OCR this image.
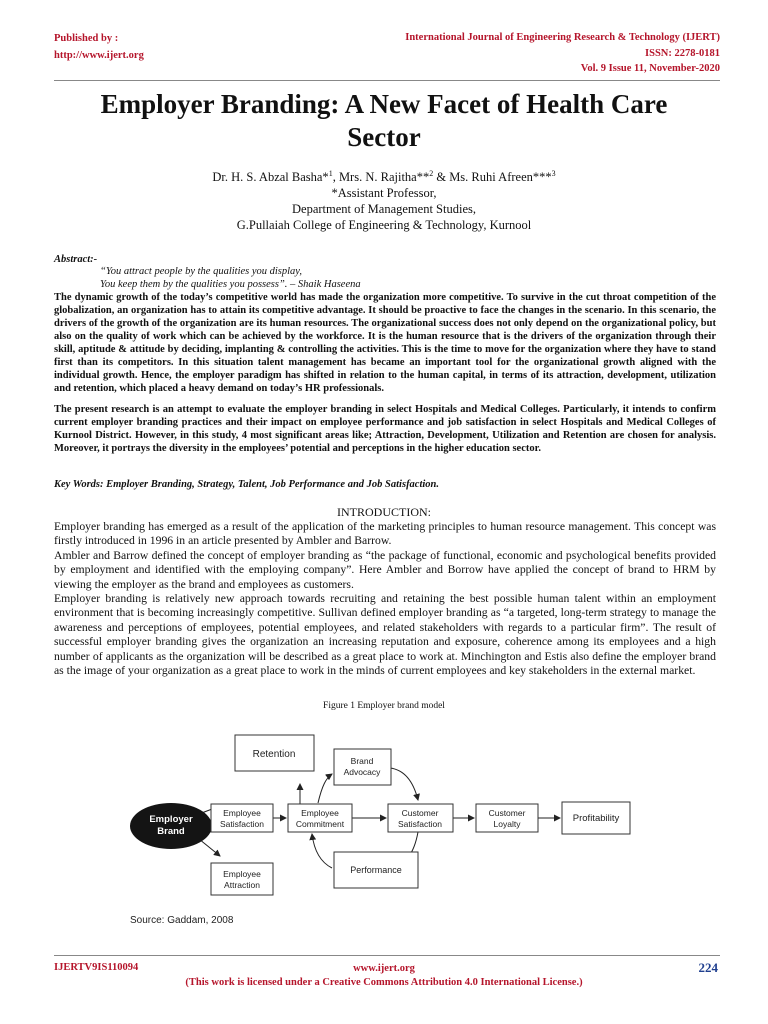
Published by :
http://www.ijert.org
International Journal of Engineering Research & Technology (IJERT)
ISSN: 2278-0181
Vol. 9 Issue 11, November-2020
Employer Branding: A New Facet of Health Care
Sector
Dr. H. S. Abzal Basha*$^1$, Mrs. N. Rajitha**$^2$ & Ms. Ruhi Afreen***$^3$
*Assistant Professor,
Department of Management Studies,
G.Pullaiah College of Engineering & Technology, Kurnool
Abstract:-
“You attract people by the qualities you display,
You keep them by the qualities you possess”. – Shaik Haseena
The dynamic growth of the today’s competitive world has made the organization more competitive. To survive in the cut throat competition of the globalization, an organization has to attain its competitive advantage. It should be proactive to face the changes in the scenario. In this scenario, the drivers of the growth of the organization are its human resources. The organizational success does not only depend on the organizational policy, but also on the quality of work which can be achieved by the workforce. It is the human resource that is the drivers of the organization through their skill, aptitude & attitude by deciding, implanting & controlling the activities. This is the time to move for the organization where they have to stand first than its competitors. In this situation talent management has became an important tool for the organizational growth aligned with the individual growth. Hence, the employer paradigm has shifted in relation to the human capital, in terms of its attraction, development, utilization and retention, which placed a heavy demand on today’s HR professionals.
The present research is an attempt to evaluate the employer branding in select Hospitals and Medical Colleges. Particularly, it intends to confirm current employer branding practices and their impact on employee performance and job satisfaction in select Hospitals and Medical Colleges of Kurnool District. However, in this study, 4 most significant areas like; Attraction, Development, Utilization and Retention are chosen for analysis. Moreover, it portrays the diversity in the employees’ potential and perceptions in the higher education sector.
Key Words: Employer Branding, Strategy, Talent, Job Performance and Job Satisfaction.
INTRODUCTION:

Employer branding has emerged as a result of the application of the marketing principles to human resource management. This concept was firstly introduced in 1996 in an article presented by Ambler and Barrow.

Ambler and Barrow defined the concept of employer branding as “the package of functional, economic and psychological benefits provided by employment and identified with the employing company”. Here Ambler and Borrow have applied the concept of brand to HRM by viewing the employer as the brand and employees as customers.

Employer branding is relatively new approach towards recruiting and retaining the best possible human talent within an employment environment that is becoming increasingly competitive. Sullivan defined employer branding as “a targeted, long-term strategy to manage the awareness and perceptions of employees, potential employees, and related stakeholders with regards to a particular firm”. The result of successful employer branding gives the organization an increasing reputation and exposure, coherence among its employees and a high number of applicants as the organization will be described as a great place to work at. Minchington and Estis also define the employer brand as the image of your organization as a great place to work in the minds of current employees and key stakeholders in the external market.

Figure 1 Employer brand model
Employer
Brand
Retention
Brand
Advocacy
Employee
Satisfaction
Employee
Commitment
Customer
Satisfaction
Customer
Loyalty	Profitability
Employee
Attraction
Performance
Source: Gaddam, 2008
IJERTV9IS110094	www.ijert.org
(This work is licensed under a Creative Commons Attribution 4.0 International License.)
224
